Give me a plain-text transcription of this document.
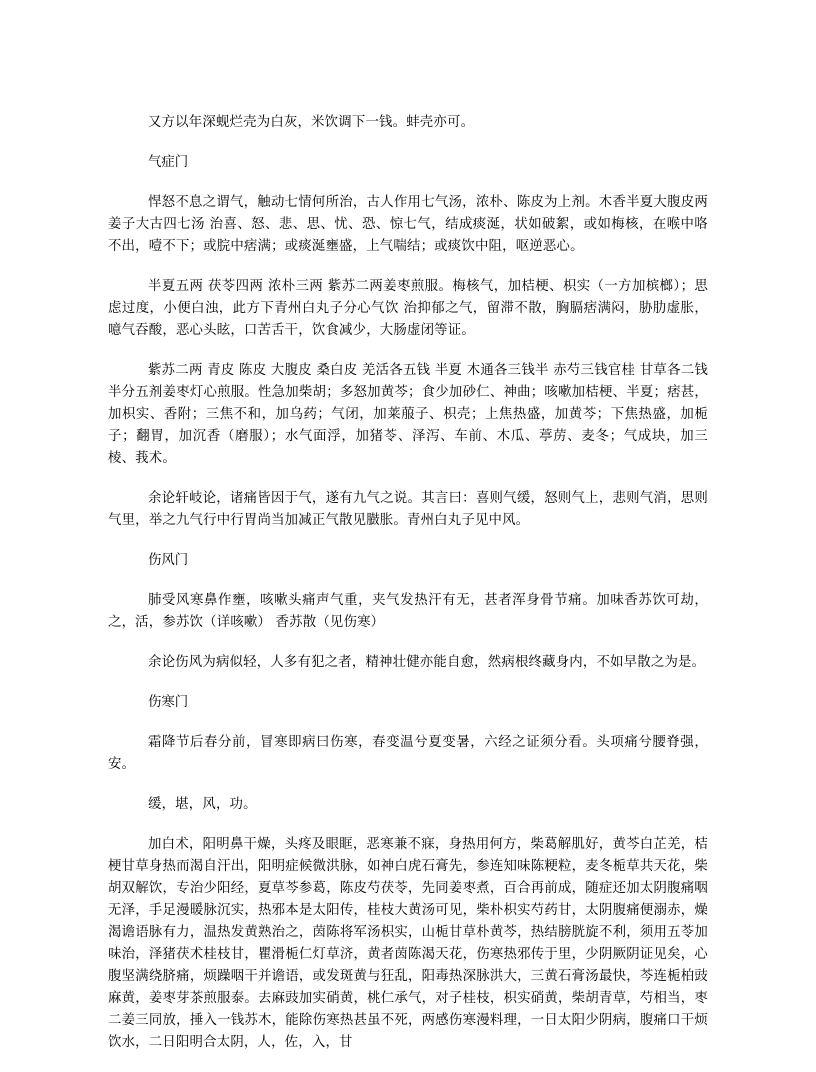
又方以年深蚬烂壳为白灰，米饮调下一钱。蚌壳亦可。

气症门

悍怒不息之谓气，触动七情何所治，古人作用七气汤，浓朴、陈皮为上剂。木香半夏大腹皮两姜子大古四七汤 治喜、怒、悲、思、忧、恐、惊七气，结成痰涎，状如破絮，或如梅核，在喉中咯不出，噎不下；或脘中痞满；或痰涎壅盛，上气喘结；或痰饮中阻，呕逆恶心。

半夏五两 茯苓四两 浓朴三两 紫苏二两姜枣煎服。梅核气，加桔梗、枳实（一方加槟榔）；思虑过度，小便白浊，此方下青州白丸子分心气饮 治抑郁之气，留滞不散，胸膈痞满闷，胁肋虚胀，噫气吞酸，恶心头眩，口苦舌干，饮食减少，大肠虚闭等证。

紫苏二两 青皮 陈皮 大腹皮 桑白皮 羌活各五钱 半夏 木通各三钱半 赤芍三钱官桂 甘草各二钱半分五剂姜枣灯心煎服。性急加柴胡；多怒加黄芩；食少加砂仁、神曲；咳嗽加桔梗、半夏；痞甚，加枳实、香附；三焦不和，加乌药；气闭，加莱菔子、枳壳；上焦热盛，加黄芩；下焦热盛，加栀子；翻胃，加沉香（磨服）；水气面浮，加猪苓、泽泻、车前、木瓜、葶苈、麦冬；气成块，加三棱、莪术。

余论轩岐论，诸痛皆因于气，遂有九气之说。其言曰：喜则气缓，怒则气上，悲则气消，思则气里，举之九气行中行胃尚当加减正气散见臌胀。青州白丸子见中风。

伤风门

肺受风寒鼻作壅，咳嗽头痛声气重，夹气发热汗有无，甚者浑身骨节痛。加味香苏饮可劫，之，活，参苏饮（详咳嗽） 香苏散（见伤寒）

余论伤风为病似轻，人多有犯之者，精神壮健亦能自愈，然病根终藏身内，不如早散之为是。

伤寒门

霜降节后春分前，冒寒即病曰伤寒，春变温兮夏变暑，六经之证须分看。头项痛兮腰脊强，安。

缓，堪，风，功。

加白术，阳明鼻干燥，头疼及眼眶，恶寒兼不寐，身热用何方，柴葛解肌好，黄芩白芷羌，桔梗甘草身热而渴自汗出，阳明症候微洪脉，如神白虎石膏先，参连知味陈粳粒，麦冬栀草共天花，柴胡双解饮，专治少阳经，夏草芩参葛，陈皮芍茯苓，先同姜枣煮，百合再前成，随症还加太阴腹痛咽无泽，手足漫暖脉沉实，热邪本是太阳传，桂枝大黄汤可见，柴朴枳实芍药甘，太阴腹痛便溺赤，燥渴谵语脉有力，温热发黄熟治之，茵陈将军汤枳实，山栀甘草朴黄芩，热结膀胱旋不利，须用五苓加味治，泽猪茯术桂枝甘，瞿滑栀仁灯草济，黄者茵陈渴天花，伤寒热邪传于里，少阴厥阴证见矣，心腹坚满绕脐痛，烦躁咽干并谵语，或发斑黄与狂乱，阳毒热深脉洪大，三黄石膏汤最快，芩连栀柏豉麻黄，姜枣芽茶煎服泰。去麻豉加实硝黄，桃仁承气，对子桂枝，枳实硝黄，柴胡青草，芍相当，枣二姜三同放，捶入一钱苏木，能除伤寒热甚虽不死，两感伤寒漫料理，一日太阳少阴病，腹痛口干烦饮水，二日阳明合太阴，人，佐，入，甘
